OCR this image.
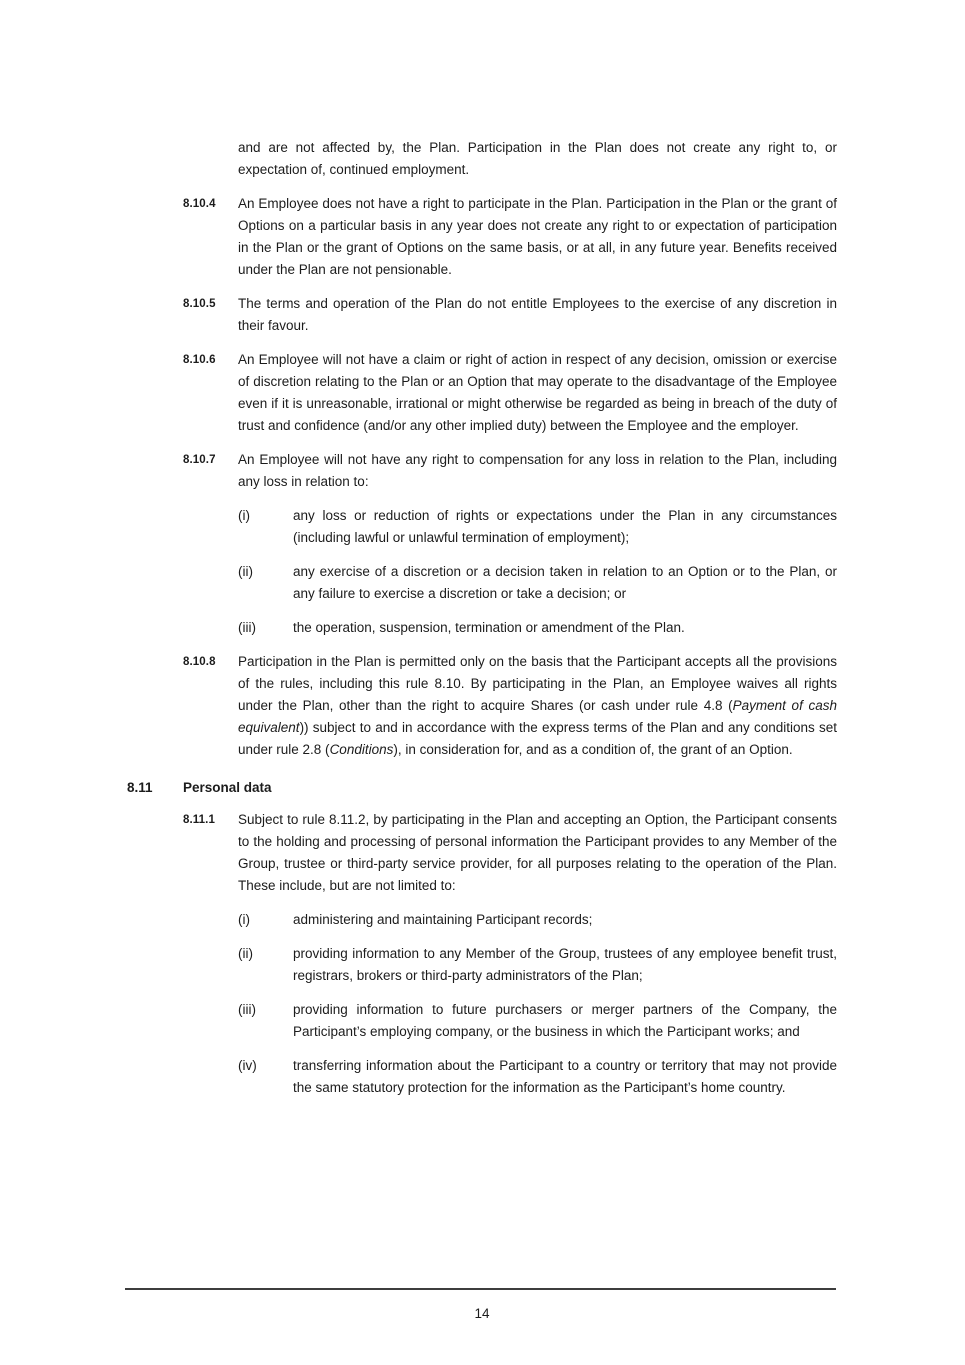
and are not affected by, the Plan. Participation in the Plan does not create any right to, or expectation of, continued employment.

8.10.4 An Employee does not have a right to participate in the Plan. Participation in the Plan or the grant of Options on a particular basis in any year does not create any right to or expectation of participation in the Plan or the grant of Options on the same basis, or at all, in any future year. Benefits received under the Plan are not pensionable.

8.10.5 The terms and operation of the Plan do not entitle Employees to the exercise of any discretion in their favour.

8.10.6 An Employee will not have a claim or right of action in respect of any decision, omission or exercise of discretion relating to the Plan or an Option that may operate to the disadvantage of the Employee even if it is unreasonable, irrational or might otherwise be regarded as being in breach of the duty of trust and confidence (and/or any other implied duty) between the Employee and the employer.

8.10.7 An Employee will not have any right to compensation for any loss in relation to the Plan, including any loss in relation to:

(i)	any loss or reduction of rights or expectations under the Plan in any circumstances (including lawful or unlawful termination of employment);

(ii)	any exercise of a discretion or a decision taken in relation to an Option or to the Plan, or any failure to exercise a discretion or take a decision; or

(iii)	the operation, suspension, termination or amendment of the Plan.

8.10.8 Participation in the Plan is permitted only on the basis that the Participant accepts all the provisions of the rules, including this rule 8.10. By participating in the Plan, an Employee waives all rights under the Plan, other than the right to acquire Shares (or cash under rule 4.8 (Payment of cash equivalent)) subject to and in accordance with the express terms of the Plan and any conditions set under rule 2.8 (Conditions), in consideration for, and as a condition of, the grant of an Option.

8.11 Personal data
8.11.1 Subject to rule 8.11.2, by participating in the Plan and accepting an Option, the Participant consents to the holding and processing of personal information the Participant provides to any Member of the Group, trustee or third-party service provider, for all purposes relating to the operation of the Plan. These include, but are not limited to:

(i)	administering and maintaining Participant records;

(ii)	providing information to any Member of the Group, trustees of any employee benefit trust, registrars, brokers or third-party administrators of the Plan;

(iii)	providing information to future purchasers or merger partners of the Company, the Participant’s employing company, or the business in which the Participant works; and

(iv)	transferring information about the Participant to a country or territory that may not provide the same statutory protection for the information as the Participant’s home country.

14
